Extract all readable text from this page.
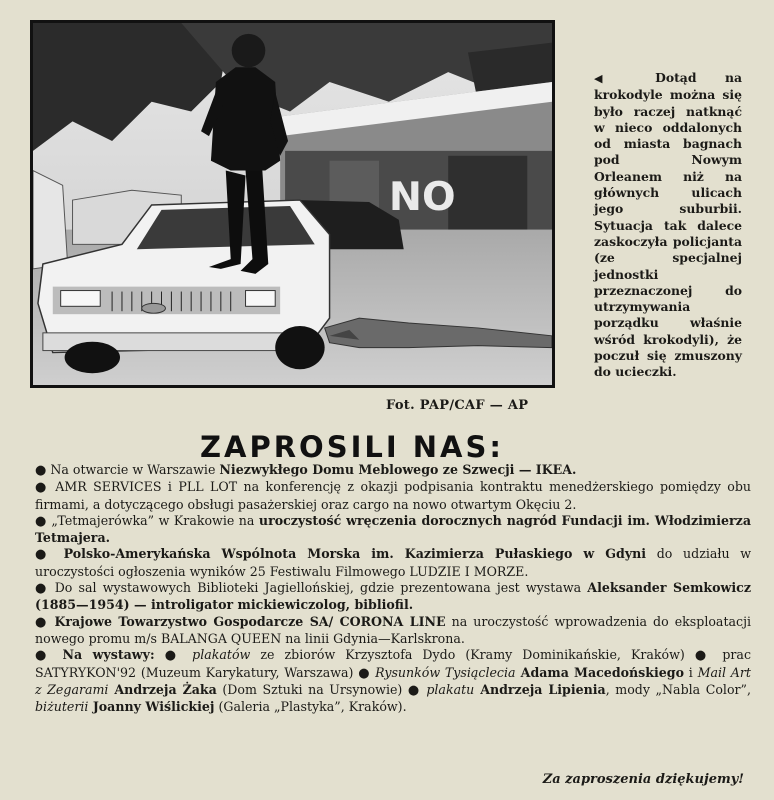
NO
Fot. PAP/CAF — AP
◀ Dotąd na krokodyle można się było raczej natknąć w nieco oddalonych od miasta bagnach pod Nowym Orleanem niż na głównych ulicach jego suburbii. Sytuacja tak dalece zaskoczyła policjanta (ze specjalnej jednostki przeznaczonej do utrzymywania porządku właśnie wśród krokodyli), że poczuł się zmuszony do ucieczki.
ZAPROSILI NAS:

● Na otwarcie w Warszawie Niezwykłego Domu Meblowego ze Szwecji — IKEA.

● AMR SERVICES i PLL LOT na konferencję z okazji podpisania kontraktu menedżerskiego pomiędzy obu firmami, a dotyczącego obsługi pasażerskiej oraz cargo na nowo otwartym Okęciu 2.

● „Tetmajerówka” w Krakowie na uroczystość wręczenia dorocznych nagród Fundacji im. Włodzimierza Tetmajera.

● Polsko-Amerykańska Wspólnota Morska im. Kazimierza Pułaskiego w Gdyni do udziału w uroczystości ogłoszenia wyników 25 Festiwalu Filmowego LUDZIE I MORZE.

● Do sal wystawowych Biblioteki Jagiellońskiej, gdzie prezentowana jest wystawa Aleksander Semkowicz (1885—1954) — introligator mickiewiczolog, bibliofil.

● Krajowe Towarzystwo Gospodarcze SA/ CORONA LINE na uroczystość wprowadzenia do eksploatacji nowego promu m/s BALANGA QUEEN na linii Gdynia—Karlskrona.

● Na wystawy: ● plakatów ze zbiorów Krzysztofa Dydo (Kramy Dominikańskie, Kraków) ● prac SATYRYKON'92 (Muzeum Karykatury, Warszawa) ● Rysunków Tysiąclecia Adama Macedońskiego i Mail Art z Zegarami Andrzeja Żaka (Dom Sztuki na Ursynowie) ● plakatu Andrzeja Lipienia, mody „Nabla Color”, biżuterii Joanny Wiślickiej (Galeria „Plastyka”, Kraków).

Za zaproszenia dziękujemy!
